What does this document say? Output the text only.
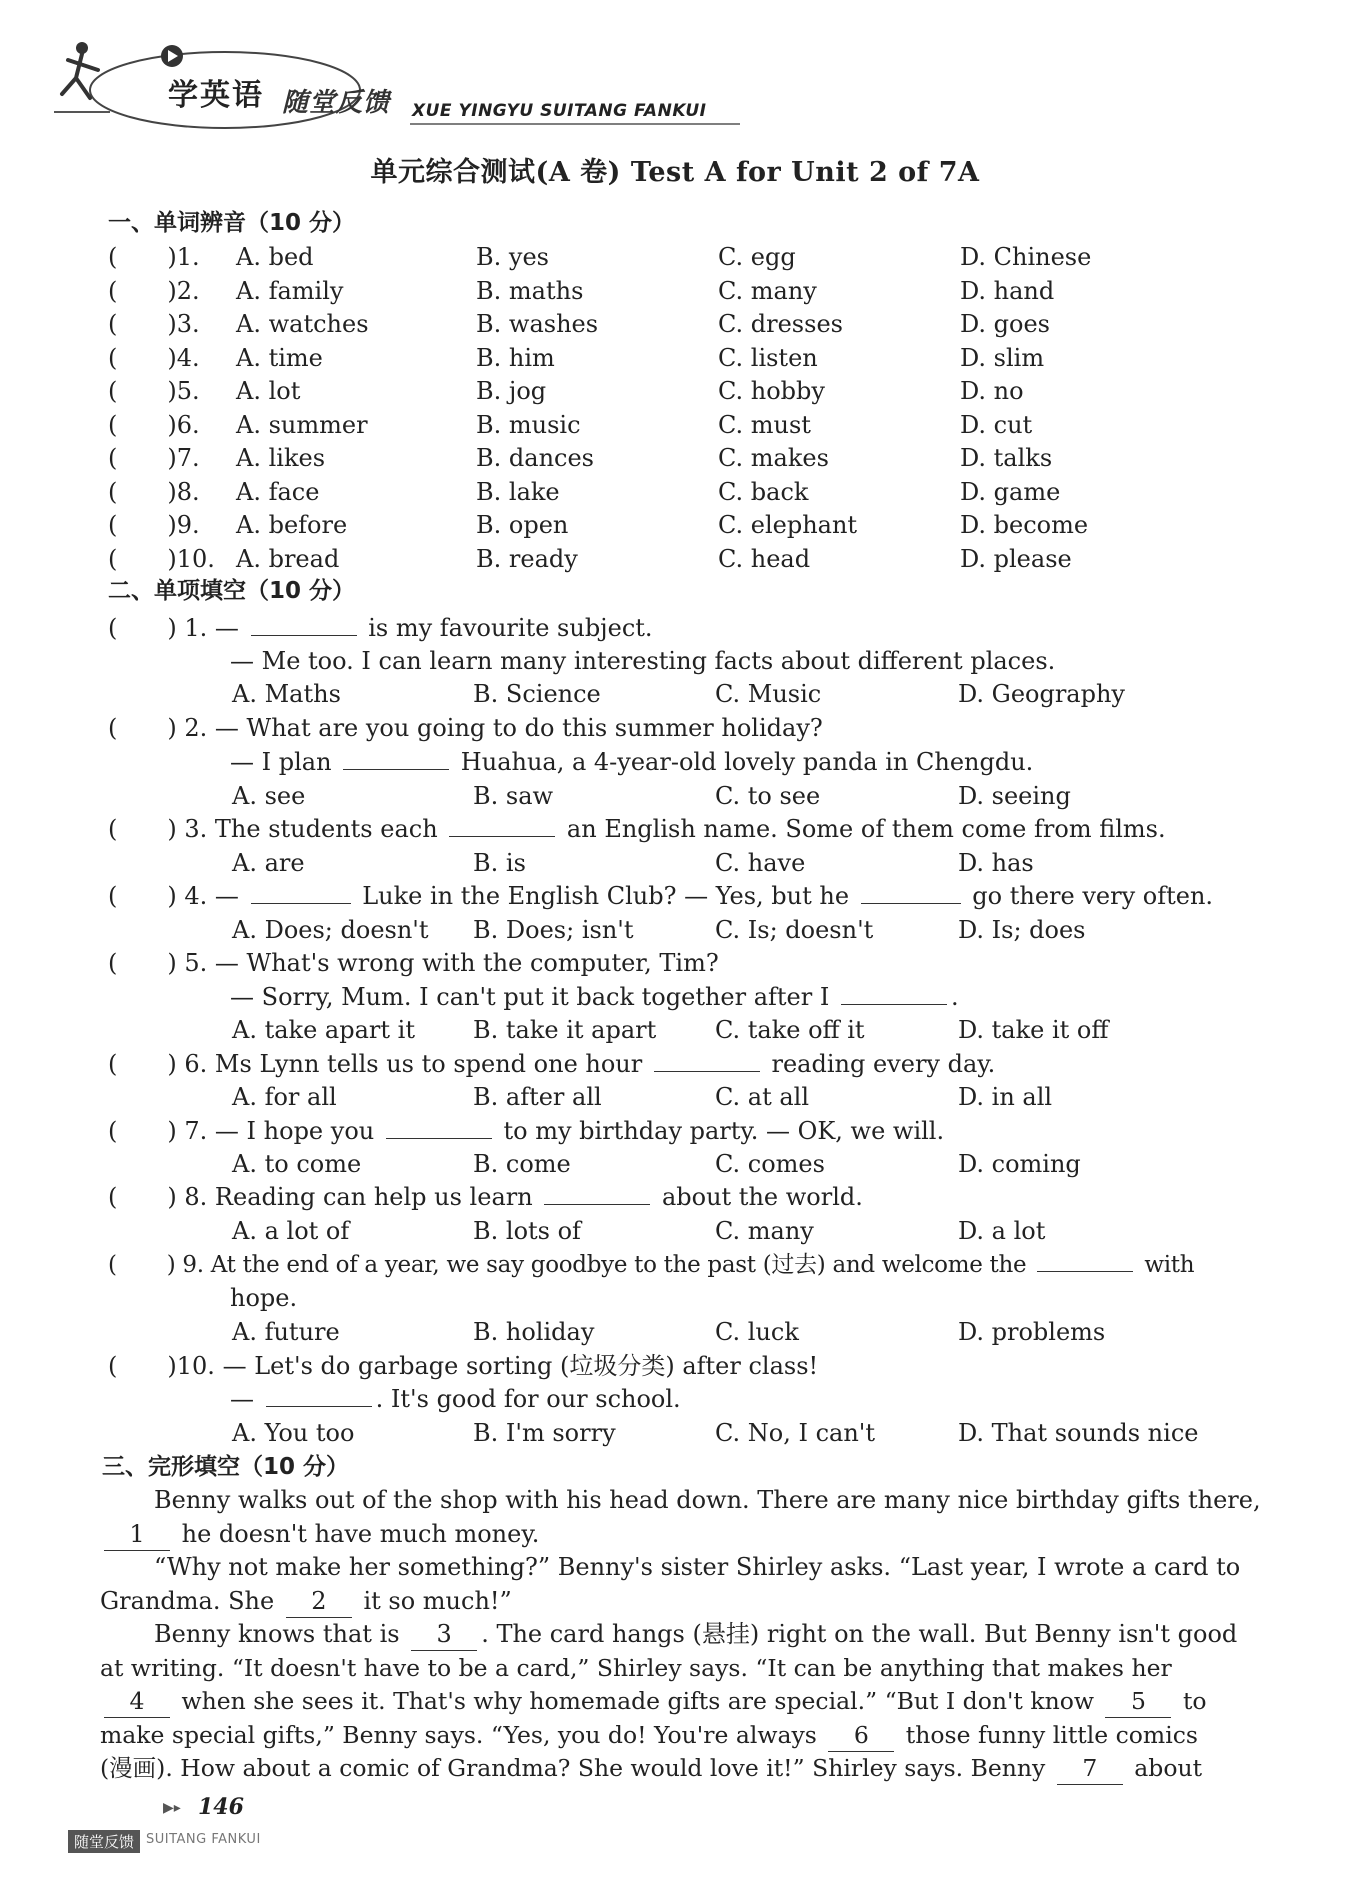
学英语 随堂反馈 XUE YINGYU SUITANG FANKUI
单元综合测试(A 卷) Test A for Unit 2 of 7A
一、单词辨音（10 分）
( )1. A. bed	B. yes	C. egg	D. Chinese
( )2. A. family	B. maths	C. many	D. hand
( )3. A. watches	B. washes	C. dresses	D. goes
( )4. A. time	B. him	C. listen	D. slim
( )5. A. lot	B. jog	C. hobby	D. no
( )6. A. summer	B. music	C. must	D. cut
( )7. A. likes	B. dances	C. makes	D. talks
( )8. A. face	B. lake	C. back	D. game
( )9. A. before	B. open	C. elephant	D. become
( )10. A. bread	B. ready	C. head	D. please
二、单项填空（10 分）
( ) 1. —	is my favourite subject.
— Me too. I can learn many interesting facts about different places.
A. Maths	B. Science	C. Music	D. Geography
( ) 2. — What are you going to do this summer holiday?
— I plan	Huahua, a 4-year-old lovely panda in Chengdu.
A. see	B. saw	C. to see	D. seeing
( ) 3. The students each	an English name. Some of them come from films.
A. are	B. is	C. have	D. has
( ) 4. —	Luke in the English Club? — Yes, but he	go there very often.
A. Does; doesn't B. Does; isn't	C. Is; doesn't	D. Is; does
( ) 5. — What's wrong with the computer, Tim?
— Sorry, Mum. I can't put it back together after I	.
A. take apart it B. take it apart C. take off it	D. take it off
( ) 6. Ms Lynn tells us to spend one hour	reading every day.
A. for all	B. after all	C. at all	D. in all
( ) 7. — I hope you	to my birthday party. — OK, we will.
A. to come	B. come	C. comes	D. coming
( ) 8. Reading can help us learn	about the world.
A. a lot of	B. lots of	C. many	D. a lot
( ) 9. At the end of a year, we say goodbye to the past (过去) and welcome the	with
hope.
A. future	B. holiday	C. luck	D. problems
( )10. — Let's do garbage sorting (垃圾分类) after class!
—	. It's good for our school.
A. You too	B. I'm sorry	C. No, I can't	D. That sounds nice
三、完形填空（10 分）
Benny walks out of the shop with his head down. There are many nice birthday gifts there,
1 he doesn't have much money.
“Why not make her something?” Benny's sister Shirley asks. “Last year, I wrote a card to
Grandma. She 2 it so much!”
Benny knows that is 3 . The card hangs (悬挂) right on the wall. But Benny isn't good
at writing. “It doesn't have to be a card,” Shirley says. “It can be anything that makes her
4 when she sees it. That's why homemade gifts are special.” “But I don't know 5 to
make special gifts,” Benny says. “Yes, you do! You're always 6 those funny little comics
(漫画). How about a comic of Grandma? She would love it!” Shirley says. Benny 7 about
▶▸ 146
随堂反馈 SUITANG FANKUI
